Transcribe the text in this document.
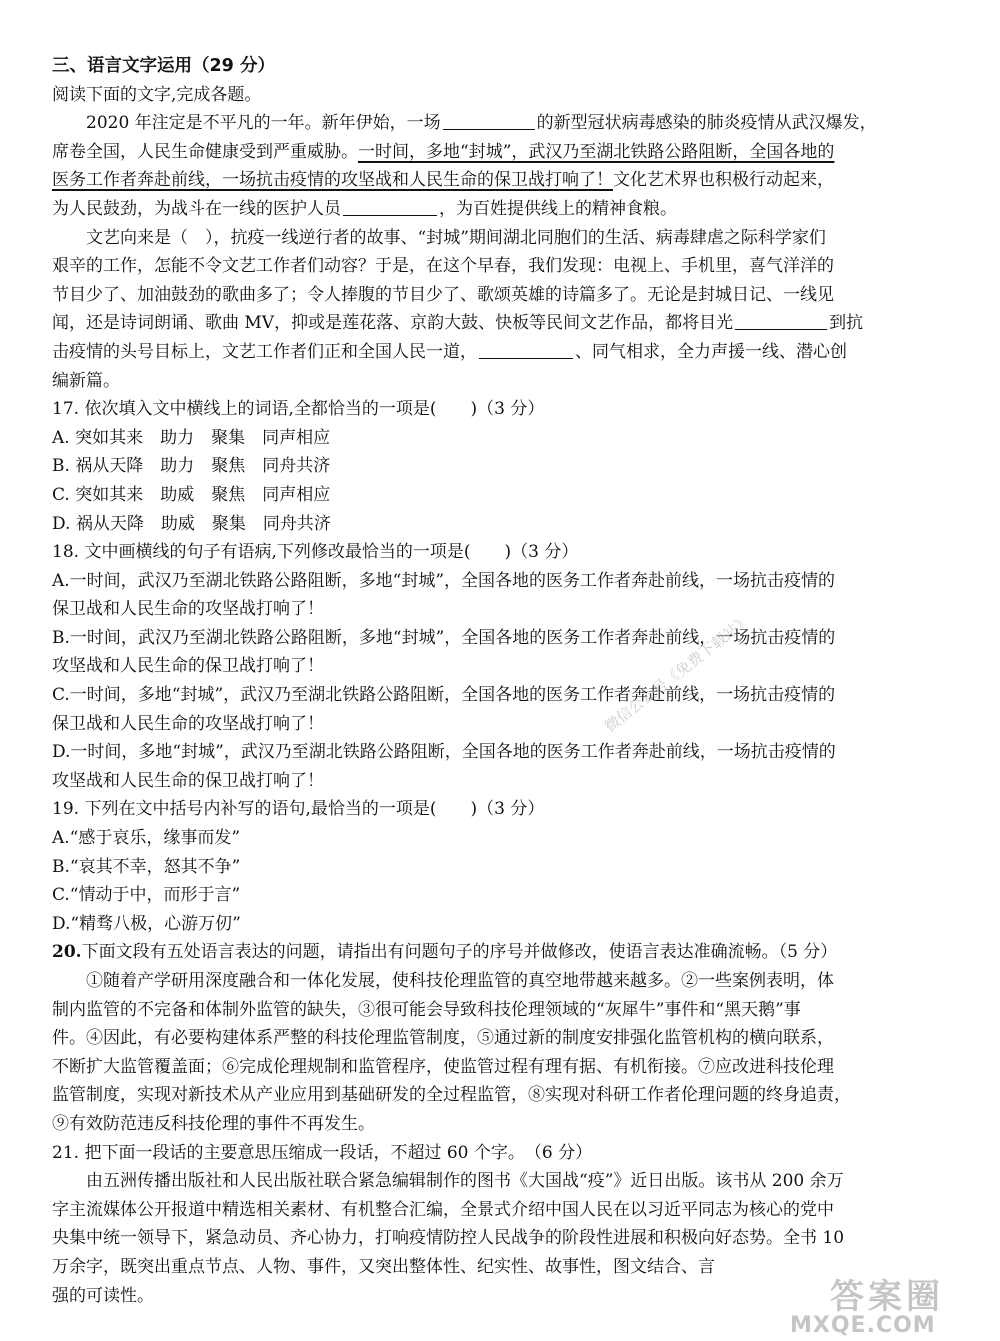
三、语言文字运用（29 分）
阅读下面的文字,完成各题。
2020 年注定是不平凡的一年。新年伊始，一场	的新型冠状病毒感染的肺炎疫情从武汉爆发，
席卷全国，人民生命健康受到严重威胁。一时间，多地“封城”，武汉乃至湖北铁路公路阻断，全国各地的
医务工作者奔赴前线，一场抗击疫情的攻坚战和人民生命的保卫战打响了！文化艺术界也积极行动起来，
为人民鼓劲，为战斗在一线的医护人员	，为百姓提供线上的精神食粮。
文艺向来是（　），抗疫一线逆行者的故事、“封城”期间湖北同胞们的生活、病毒肆虐之际科学家们
艰辛的工作，怎能不令文艺工作者们动容？于是，在这个早春，我们发现：电视上、手机里，喜气洋洋的
节目少了、加油鼓劲的歌曲多了；令人捧腹的节目少了、歌颂英雄的诗篇多了。无论是封城日记、一线见
闻，还是诗词朗诵、歌曲 MV，抑或是莲花落、京韵大鼓、快板等民间文艺作品，都将目光	到抗
击疫情的头号目标上，文艺工作者们正和全国人民一道，	、同气相求，全力声援一线、潜心创
编新篇。
17. 依次填入文中横线上的词语,全都恰当的一项是(　　)（3 分）
A. 突如其来　助力　聚集　同声相应
B. 祸从天降　助力　聚焦　同舟共济
C. 突如其来　助威　聚焦　同声相应
D. 祸从天降　助威　聚集　同舟共济
18. 文中画横线的句子有语病,下列修改最恰当的一项是(　　)（3 分）
A.一时间，武汉乃至湖北铁路公路阻断，多地“封城”，全国各地的医务工作者奔赴前线，一场抗击疫情的
保卫战和人民生命的攻坚战打响了！
B.一时间，武汉乃至湖北铁路公路阻断，多地“封城”，全国各地的医务工作者奔赴前线，一场抗击疫情的
攻坚战和人民生命的保卫战打响了！
C.一时间，多地“封城”，武汉乃至湖北铁路公路阻断，全国各地的医务工作者奔赴前线，一场抗击疫情的
保卫战和人民生命的攻坚战打响了！
D.一时间，多地“封城”，武汉乃至湖北铁路公路阻断，全国各地的医务工作者奔赴前线，一场抗击疫情的
攻坚战和人民生命的保卫战打响了！
19. 下列在文中括号内补写的语句,最恰当的一项是(　　)（3 分）
A.“感于哀乐，缘事而发”
B.“哀其不幸，怒其不争”
C.“情动于中，而形于言”
D.“精骛八极，心游万仞”
20.下面文段有五处语言表达的问题，请指出有问题句子的序号并做修改，使语言表达准确流畅。（5 分）
①随着产学研用深度融合和一体化发展，使科技伦理监管的真空地带越来越多。②一些案例表明，体
制内监管的不完备和体制外监管的缺失，③很可能会导致科技伦理领域的“灰犀牛”事件和“黑天鹅”事
件。④因此，有必要构建体系严整的科技伦理监管制度，⑤通过新的制度安排强化监管机构的横向联系，
不断扩大监管覆盖面；⑥完成伦理规制和监管程序，使监管过程有理有据、有机衔接。⑦应改进科技伦理
监管制度，实现对新技术从产业应用到基础研发的全过程监管，⑧实现对科研工作者伦理问题的终身追责，
⑨有效防范违反科技伦理的事件不再发生。
21. 把下面一段话的主要意思压缩成一段话，不超过 60 个字。　（6 分）
由五洲传播出版社和人民出版社联合紧急编辑制作的图书《大国战“疫”》近日出版。该书从 200 余万
字主流媒体公开报道中精选相关素材、有机整合汇编，全景式介绍中国人民在以习近平同志为核心的党中
央集中统一领导下，紧急动员、齐心协力，打响疫情防控人民战争的阶段性进展和积极向好态势。全书 10
万余字，既突出重点节点、人物、事件，又突出整体性、纪实性、故事性，图文结合、言
强的可读性。
微信公众号《免费下载站》
答案圈
MXQE.COM
